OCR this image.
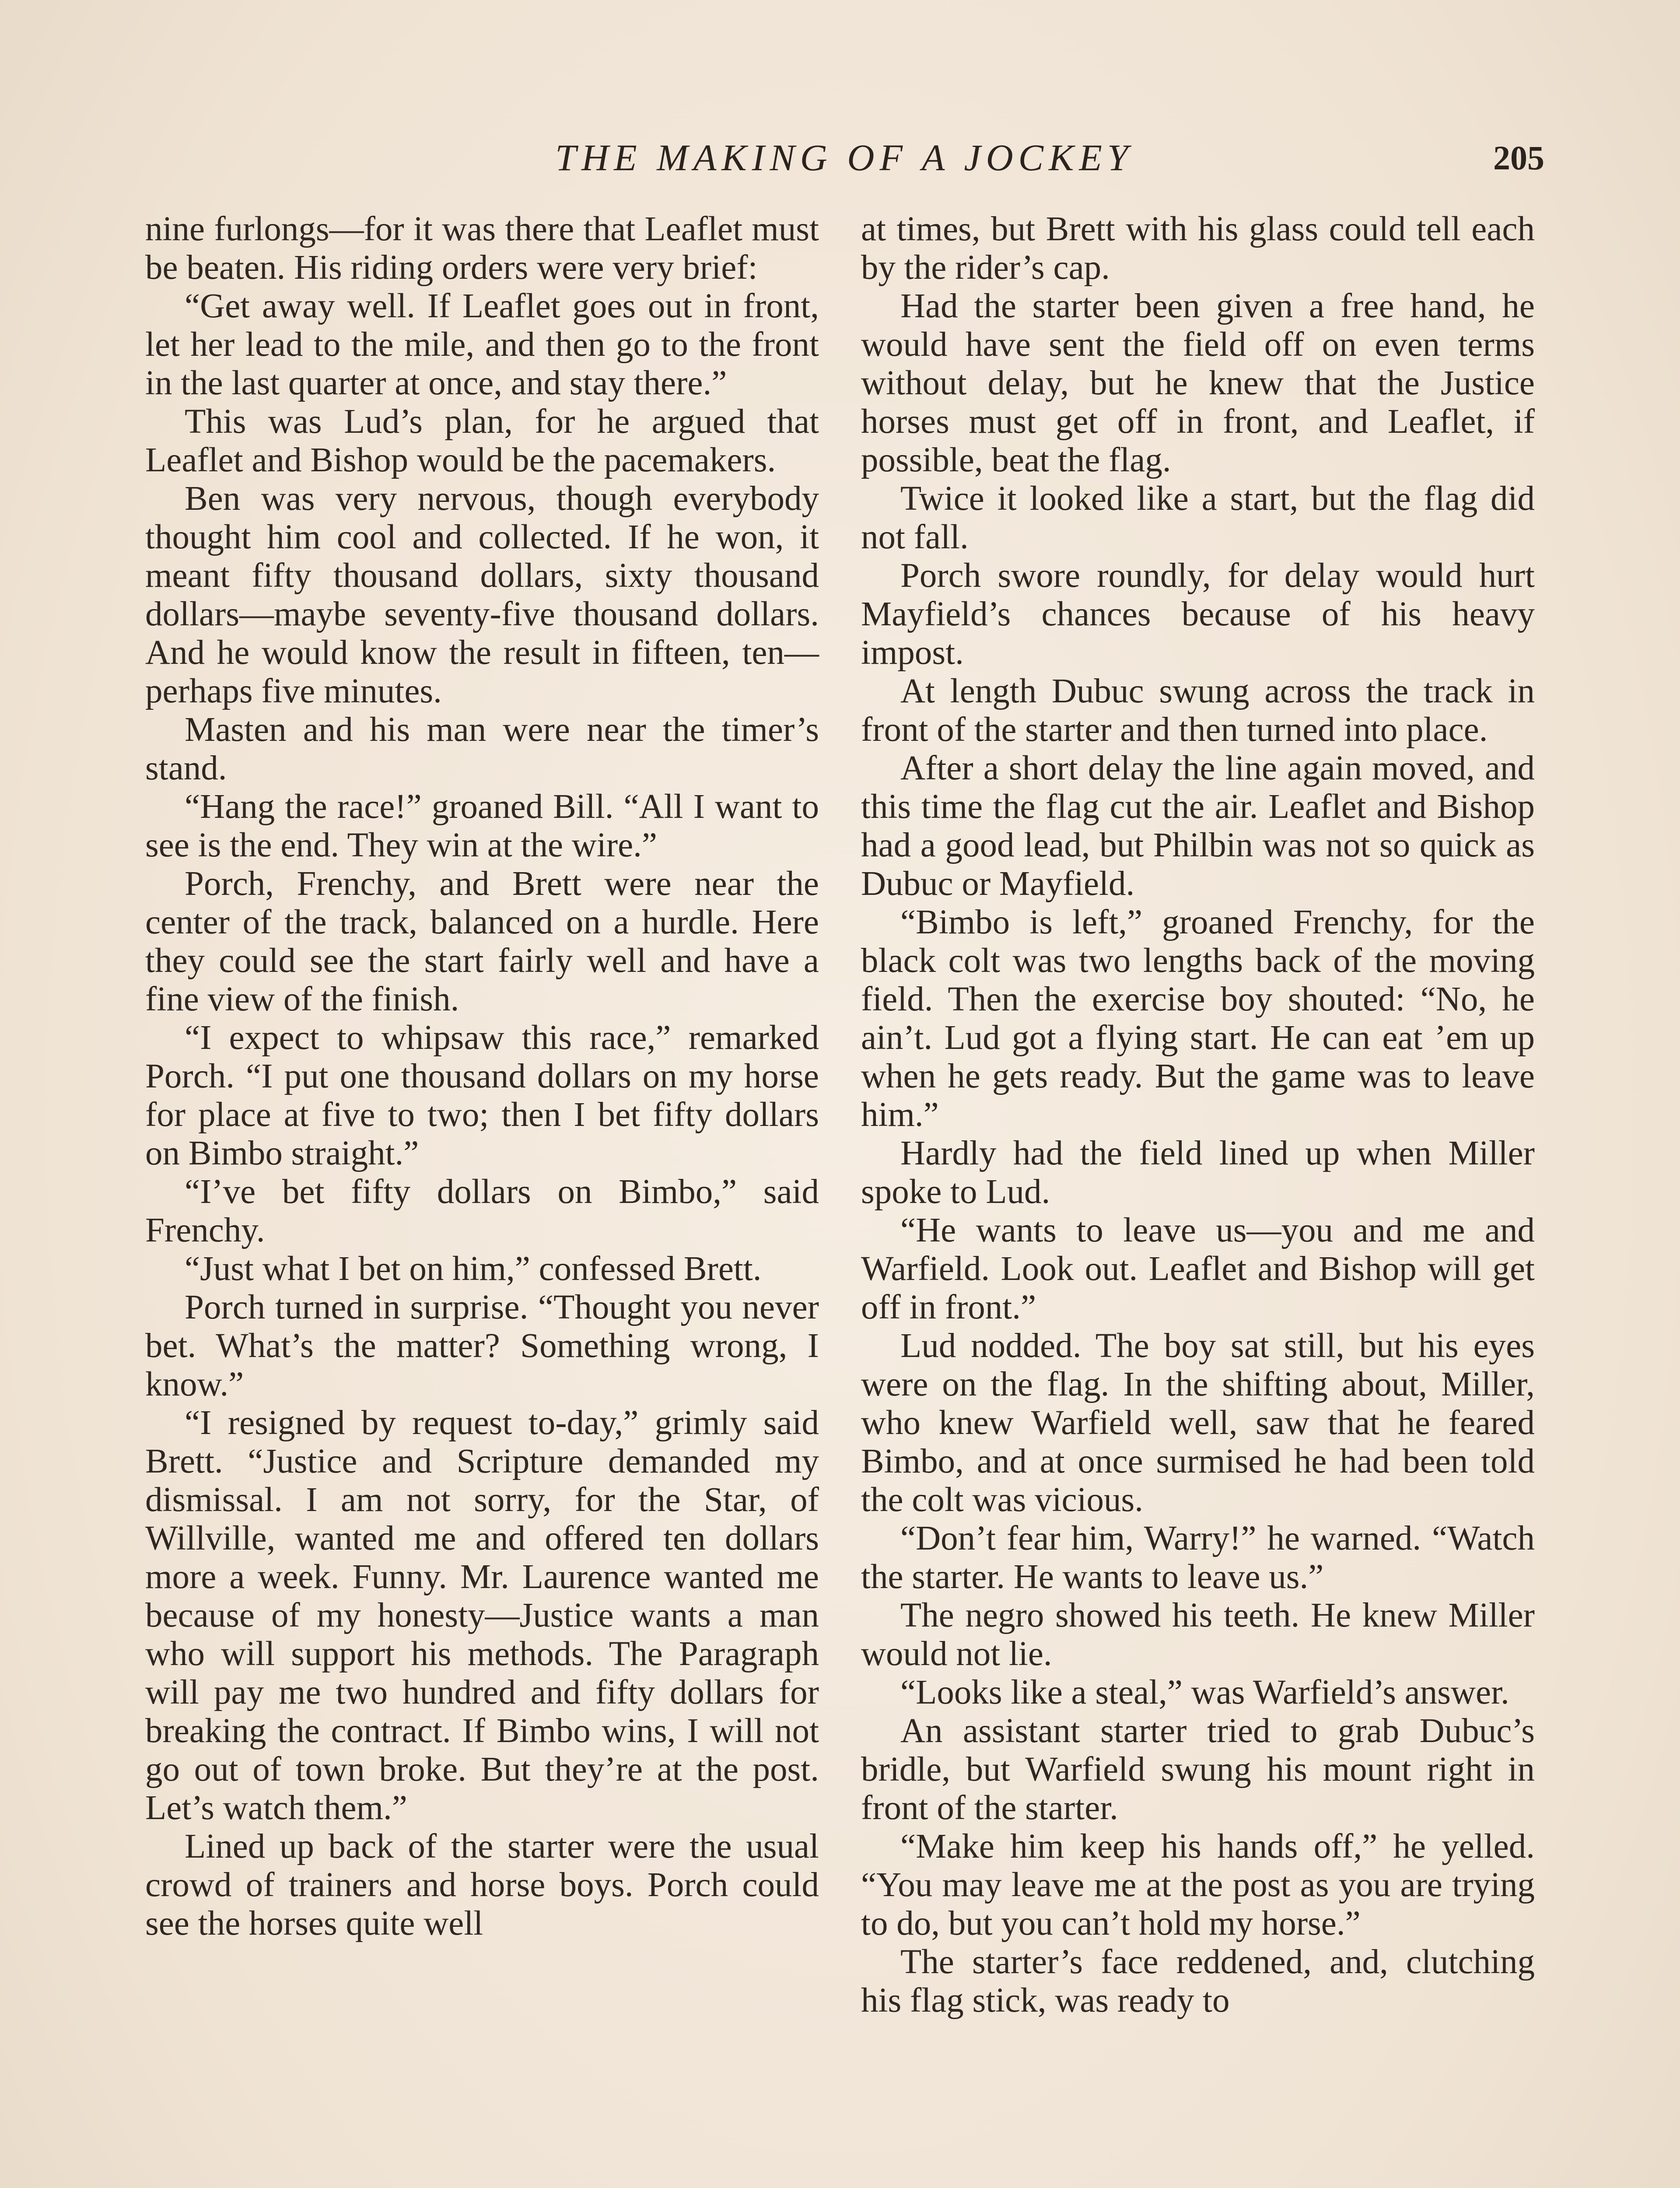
THE MAKING OF A JOCKEY	205

nine furlongs—for it was there that Leaflet must be beaten. His riding orders were very brief:

“Get away well. If Leaflet goes out in front, let her lead to the mile, and then go to the front in the last quarter at once, and stay there.”

This was Lud’s plan, for he argued that Leaflet and Bishop would be the pacemakers.

Ben was very nervous, though everybody thought him cool and collected. If he won, it meant fifty thousand dollars, sixty thousand dollars—maybe seventy-five thousand dollars. And he would know the result in fifteen, ten—perhaps five minutes.

Masten and his man were near the timer’s stand.

“Hang the race!” groaned Bill. “All I want to see is the end. They win at the wire.”

Porch, Frenchy, and Brett were near the center of the track, balanced on a hurdle. Here they could see the start fairly well and have a fine view of the finish.

“I expect to whipsaw this race,” remarked Porch. “I put one thousand dollars on my horse for place at five to two; then I bet fifty dollars on Bimbo straight.”

“I’ve bet fifty dollars on Bimbo,” said Frenchy.

“Just what I bet on him,” confessed Brett.

Porch turned in surprise. “Thought you never bet. What’s the matter? Something wrong, I know.”

“I resigned by request to-day,” grimly said Brett. “Justice and Scripture demanded my dismissal. I am not sorry, for the Star, of Willville, wanted me and offered ten dollars more a week. Funny. Mr. Laurence wanted me because of my honesty—Justice wants a man who will support his methods. The Paragraph will pay me two hundred and fifty dollars for breaking the contract. If Bimbo wins, I will not go out of town broke. But they’re at the post. Let’s watch them.”

Lined up back of the starter were the usual crowd of trainers and horse boys. Porch could see the horses quite well

at times, but Brett with his glass could tell each by the rider’s cap.

Had the starter been given a free hand, he would have sent the field off on even terms without delay, but he knew that the Justice horses must get off in front, and Leaflet, if possible, beat the flag.

Twice it looked like a start, but the flag did not fall.

Porch swore roundly, for delay would hurt Mayfield’s chances because of his heavy impost.

At length Dubuc swung across the track in front of the starter and then turned into place.

After a short delay the line again moved, and this time the flag cut the air. Leaflet and Bishop had a good lead, but Philbin was not so quick as Dubuc or Mayfield.

“Bimbo is left,” groaned Frenchy, for the black colt was two lengths back of the moving field. Then the exercise boy shouted: “No, he ain’t. Lud got a flying start. He can eat ’em up when he gets ready. But the game was to leave him.”

Hardly had the field lined up when Miller spoke to Lud.

“He wants to leave us—you and me and Warfield. Look out. Leaflet and Bishop will get off in front.”

Lud nodded. The boy sat still, but his eyes were on the flag. In the shifting about, Miller, who knew Warfield well, saw that he feared Bimbo, and at once surmised he had been told the colt was vicious.

“Don’t fear him, Warry!” he warned. “Watch the starter. He wants to leave us.”

The negro showed his teeth. He knew Miller would not lie.

“Looks like a steal,” was Warfield’s answer.

An assistant starter tried to grab Dubuc’s bridle, but Warfield swung his mount right in front of the starter.

“Make him keep his hands off,” he yelled. “You may leave me at the post as you are trying to do, but you can’t hold my horse.”

The starter’s face reddened, and, clutching his flag stick, was ready to
